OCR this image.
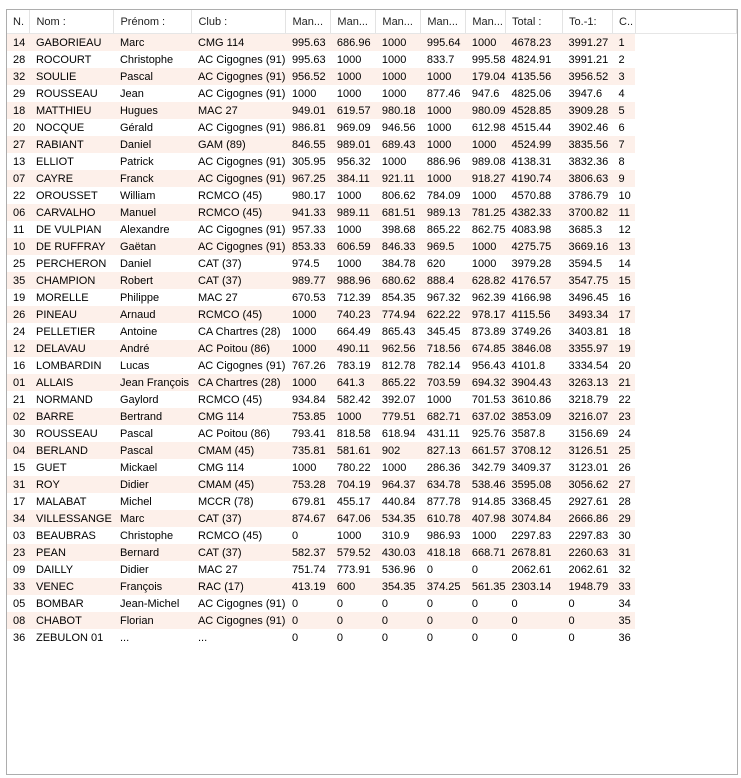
N.	Nom :	Prénom :	Club :	Man...	Man...	Man...	Man...	Man...	Total :	To.-1:	C..	
14	GABORIEAU	Marc	CMG 114	995.63	686.96	1000	995.64	1000	4678.23	3991.27	1	
28	ROCOURT	Christophe	AC Cigognes (91)	995.63	1000	1000	833.7	995.58	4824.91	3991.21	2	
32	SOULIE	Pascal	AC Cigognes (91)	956.52	1000	1000	1000	179.04	4135.56	3956.52	3	
29	ROUSSEAU	Jean	AC Cigognes (91)	1000	1000	1000	877.46	947.6	4825.06	3947.6	4	
18	MATTHIEU	Hugues	MAC 27	949.01	619.57	980.18	1000	980.09	4528.85	3909.28	5	
20	NOCQUE	Gérald	AC Cigognes (91)	986.81	969.09	946.56	1000	612.98	4515.44	3902.46	6	
27	RABIANT	Daniel	GAM (89)	846.55	989.01	689.43	1000	1000	4524.99	3835.56	7	
13	ELLIOT	Patrick	AC Cigognes (91)	305.95	956.32	1000	886.96	989.08	4138.31	3832.36	8	
07	CAYRE	Franck	AC Cigognes (91)	967.25	384.11	921.11	1000	918.27	4190.74	3806.63	9	
22	OROUSSET	William	RCMCO (45)	980.17	1000	806.62	784.09	1000	4570.88	3786.79	10	
06	CARVALHO	Manuel	RCMCO (45)	941.33	989.11	681.51	989.13	781.25	4382.33	3700.82	11	
11	DE VULPIAN	Alexandre	AC Cigognes (91)	957.33	1000	398.68	865.22	862.75	4083.98	3685.3	12	
10	DE RUFFRAY	Gaëtan	AC Cigognes (91)	853.33	606.59	846.33	969.5	1000	4275.75	3669.16	13	
25	PERCHERON	Daniel	CAT (37)	974.5	1000	384.78	620	1000	3979.28	3594.5	14	
35	CHAMPION	Robert	CAT (37)	989.77	988.96	680.62	888.4	628.82	4176.57	3547.75	15	
19	MORELLE	Philippe	MAC 27	670.53	712.39	854.35	967.32	962.39	4166.98	3496.45	16	
26	PINEAU	Arnaud	RCMCO (45)	1000	740.23	774.94	622.22	978.17	4115.56	3493.34	17	
24	PELLETIER	Antoine	CA Chartres (28)	1000	664.49	865.43	345.45	873.89	3749.26	3403.81	18	
12	DELAVAU	André	AC Poitou (86)	1000	490.11	962.56	718.56	674.85	3846.08	3355.97	19	
16	LOMBARDIN	Lucas	AC Cigognes (91)	767.26	783.19	812.78	782.14	956.43	4101.8	3334.54	20	
01	ALLAIS	Jean François	CA Chartres (28)	1000	641.3	865.22	703.59	694.32	3904.43	3263.13	21	
21	NORMAND	Gaylord	RCMCO (45)	934.84	582.42	392.07	1000	701.53	3610.86	3218.79	22	
02	BARRE	Bertrand	CMG 114	753.85	1000	779.51	682.71	637.02	3853.09	3216.07	23	
30	ROUSSEAU	Pascal	AC Poitou (86)	793.41	818.58	618.94	431.11	925.76	3587.8	3156.69	24	
04	BERLAND	Pascal	CMAM (45)	735.81	581.61	902	827.13	661.57	3708.12	3126.51	25	
15	GUET	Mickael	CMG 114	1000	780.22	1000	286.36	342.79	3409.37	3123.01	26	
31	ROY	Didier	CMAM (45)	753.28	704.19	964.37	634.78	538.46	3595.08	3056.62	27	
17	MALABAT	Michel	MCCR (78)	679.81	455.17	440.84	877.78	914.85	3368.45	2927.61	28	
34	VILLESSANGE	Marc	CAT (37)	874.67	647.06	534.35	610.78	407.98	3074.84	2666.86	29	
03	BEAUBRAS	Christophe	RCMCO (45)	0	1000	310.9	986.93	1000	2297.83	2297.83	30	
23	PEAN	Bernard	CAT (37)	582.37	579.52	430.03	418.18	668.71	2678.81	2260.63	31	
09	DAILLY	Didier	MAC 27	751.74	773.91	536.96	0	0	2062.61	2062.61	32	
33	VENEC	François	RAC (17)	413.19	600	354.35	374.25	561.35	2303.14	1948.79	33	
05	BOMBAR	Jean-Michel	AC Cigognes (91)	0	0	0	0	0	0	0	34	
08	CHABOT	Florian	AC Cigognes (91)	0	0	0	0	0	0	0	35	
36	ZEBULON 01	...	...	0	0	0	0	0	0	0	36	
